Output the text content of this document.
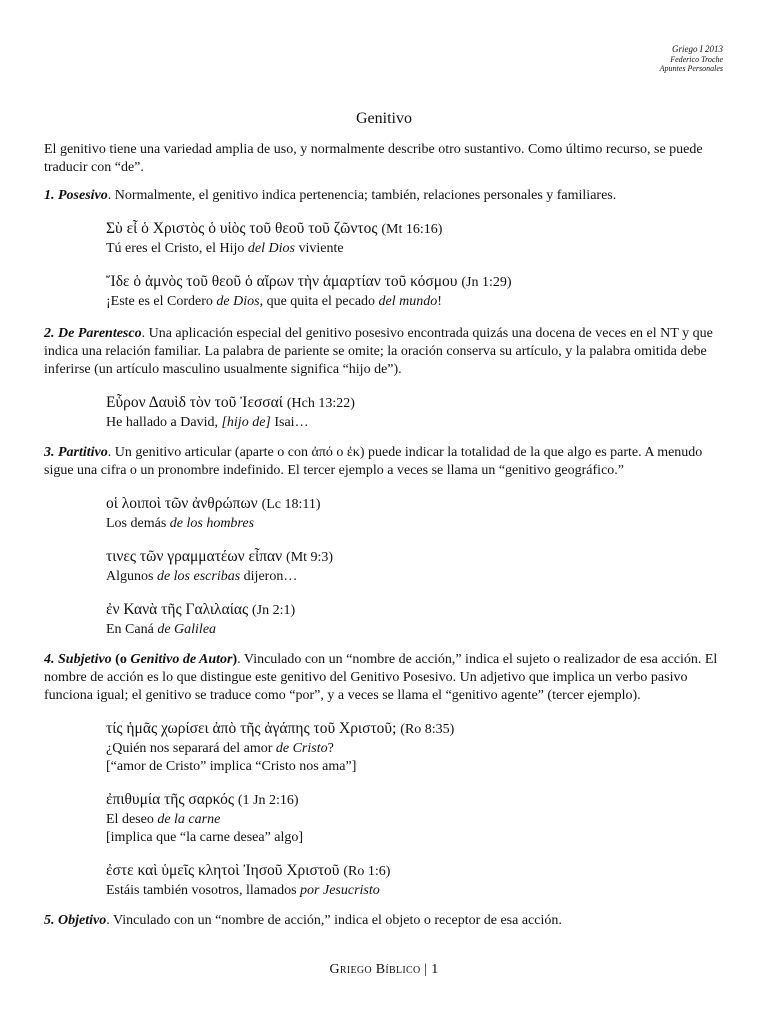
Griego I 2013
Federico Troche
Apuntes Personales
Genitivo

El genitivo tiene una variedad amplia de uso, y normalmente describe otro sustantivo. Como último recurso, se puede traducir con “de”.

1. Posesivo. Normalmente, el genitivo indica pertenencia; también, relaciones personales y familiares.

Σὺ εἶ ὁ Χριστὸς ὁ υἱὸς τοῦ θεοῦ τοῦ ζῶντος (Mt 16:16)
Tú eres el Cristo, el Hijo del Dios viviente
Ἴδε ὁ ἀμνὸς τοῦ θεοῦ ὁ αἴρων τὴν ἁμαρτίαν τοῦ κόσμου (Jn 1:29)
¡Este es el Cordero de Dios, que quita el pecado del mundo!

2. De Parentesco. Una aplicación especial del genitivo posesivo encontrada quizás una docena de veces en el NT y que indica una relación familiar. La palabra de pariente se omite; la oración conserva su artículo, y la palabra omitida debe inferirse (un artículo masculino usualmente significa “hijo de”).

Εὗρον Δαυὶδ τὸν τοῦ Ἰεσσαί (Hch 13:22)
He hallado a David, [hijo de] Isai…

3. Partitivo. Un genitivo articular (aparte o con ἀπό o ἐκ) puede indicar la totalidad de la que algo es parte. A menudo sigue una cifra o un pronombre indefinido. El tercer ejemplo a veces se llama un “genitivo geográfico.”

οἱ λοιποὶ τῶν ἀνθρώπων (Lc 18:11)
Los demás de los hombres
τινες τῶν γραμματέων εἶπαν (Mt 9:3)
Algunos de los escribas dijeron…
ἐν Κανὰ τῆς Γαλιλαίας (Jn 2:1)
En Caná de Galilea

4. Subjetivo (o Genitivo de Autor). Vinculado con un “nombre de acción,” indica el sujeto o realizador de esa acción. El nombre de acción es lo que distingue este genitivo del Genitivo Posesivo. Un adjetivo que implica un verbo pasivo funciona igual; el genitivo se traduce como “por”, y a veces se llama el “genitivo agente” (tercer ejemplo).

τίς ἡμᾶς χωρίσει ἀπὸ τῆς ἀγάπης τοῦ Χριστοῦ; (Ro 8:35)
¿Quién nos separará del amor de Cristo?
[“amor de Cristo” implica “Cristo nos ama”]
ἐπιθυμία τῆς σαρκός (1 Jn 2:16)
El deseo de la carne
[implica que “la carne desea” algo]
ἐστε καὶ ὑμεῖς κλητοὶ Ἰησοῦ Χριστοῦ (Ro 1:6)
Estáis también vosotros, llamados por Jesucristo

5. Objetivo. Vinculado con un “nombre de acción,” indica el objeto o receptor de esa acción.

Griego Bíblico | 1
